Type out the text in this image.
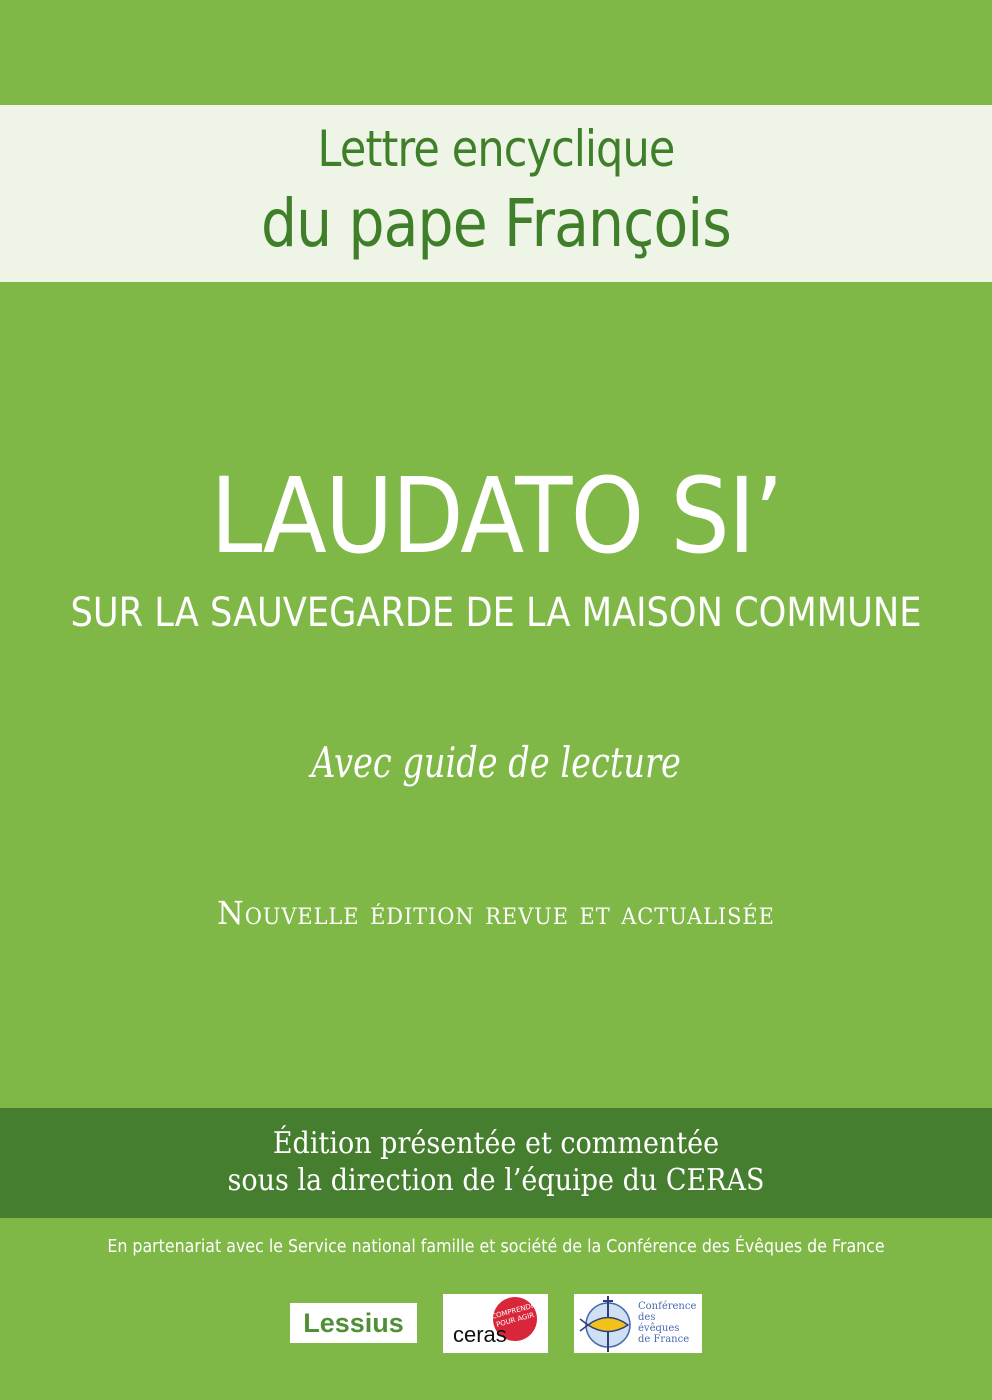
Lettre encyclique
du pape François
LAUDATO SI’
SUR LA SAUVEGARDE DE LA MAISON COMMUNE
Avec guide de lecture
Nouvelle édition revue et actualisée
Édition présentée et commentée
sous la direction de l’équipe du CERAS
En partenariat avec le Service national famille et société de la Conférence des Évêques de France
Lessius	COMPRENDRE POUR AGIR
ceras
Conférence des évêques de France
